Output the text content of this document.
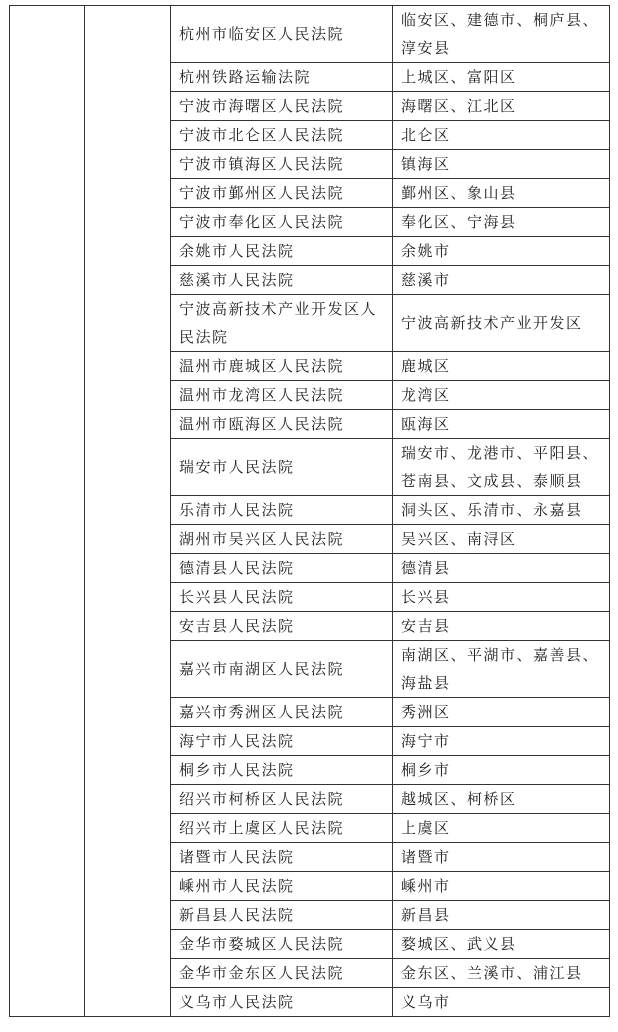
		杭州市临安区人民法院	临安区、建德市、桐庐县、淳安县
		杭州铁路运输法院	上城区、富阳区
		宁波市海曙区人民法院	海曙区、江北区
		宁波市北仑区人民法院	北仑区
		宁波市镇海区人民法院	镇海区
		宁波市鄞州区人民法院	鄞州区、象山县
		宁波市奉化区人民法院	奉化区、宁海县
		余姚市人民法院	余姚市
		慈溪市人民法院	慈溪市
		宁波高新技术产业开发区人民法院	宁波高新技术产业开发区
		温州市鹿城区人民法院	鹿城区
		温州市龙湾区人民法院	龙湾区
		温州市瓯海区人民法院	瓯海区
		瑞安市人民法院	瑞安市、龙港市、平阳县、苍南县、文成县、泰顺县
		乐清市人民法院	洞头区、乐清市、永嘉县
		湖州市吴兴区人民法院	吴兴区、南浔区
		德清县人民法院	德清县
		长兴县人民法院	长兴县
		安吉县人民法院	安吉县
		嘉兴市南湖区人民法院	南湖区、平湖市、嘉善县、海盐县
		嘉兴市秀洲区人民法院	秀洲区
		海宁市人民法院	海宁市
		桐乡市人民法院	桐乡市
		绍兴市柯桥区人民法院	越城区、柯桥区
		绍兴市上虞区人民法院	上虞区
		诸暨市人民法院	诸暨市
		嵊州市人民法院	嵊州市
		新昌县人民法院	新昌县
		金华市婺城区人民法院	婺城区、武义县
		金华市金东区人民法院	金东区、兰溪市、浦江县
		义乌市人民法院	义乌市
